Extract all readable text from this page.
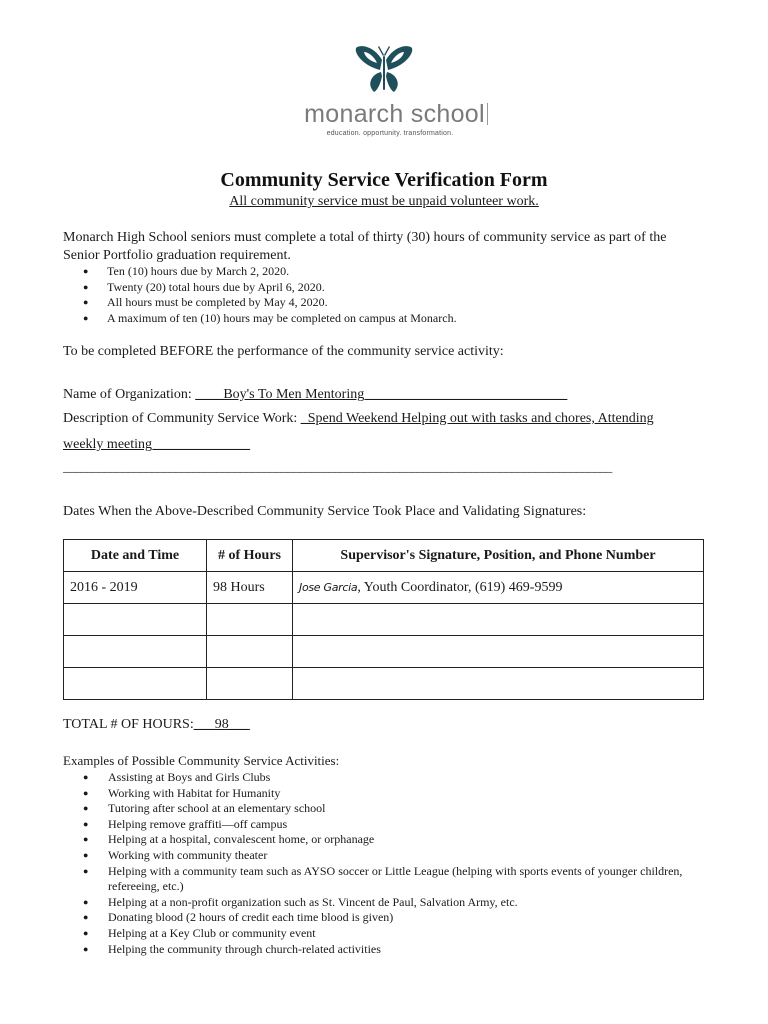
monarch school
education. opportunity. transformation.
Community Service Verification Form
All community service must be unpaid volunteer work.
Monarch High School seniors must complete a total of thirty (30) hours of community service as part of the Senior Portfolio graduation requirement.
● Ten (10) hours due by March 2, 2020.
● Twenty (20) total hours due by April 6, 2020.
● All hours must be completed by May 4, 2020.
● A maximum of ten (10) hours may be completed on campus at Monarch.
To be completed BEFORE the performance of the community service activity:
Name of Organization: ____Boy's To Men Mentoring_____________________________
Description of Community Service Work: _Spend Weekend Helping out with tasks and chores, Attending
weekly meeting______________
_____________________________________________________________________________________________
Dates When the Above-Described Community Service Took Place and Validating Signatures:
Date and Time	# of Hours	Supervisor's Signature, Position, and Phone Number
2016 - 2019	98 Hours	Jose Garcia, Youth Coordinator, (619) 469-9599

TOTAL # OF HOURS:___98___
Examples of Possible Community Service Activities:
● Assisting at Boys and Girls Clubs
● Working with Habitat for Humanity
● Tutoring after school at an elementary school
● Helping remove graffiti—off campus
● Helping at a hospital, convalescent home, or orphanage
● Working with community theater
● Helping with a community team such as AYSO soccer or Little League (helping with sports events of younger children, refereeing, etc.)
● Helping at a non-profit organization such as St. Vincent de Paul, Salvation Army, etc.
● Donating blood (2 hours of credit each time blood is given)
● Helping at a Key Club or community event
● Helping the community through church-related activities
